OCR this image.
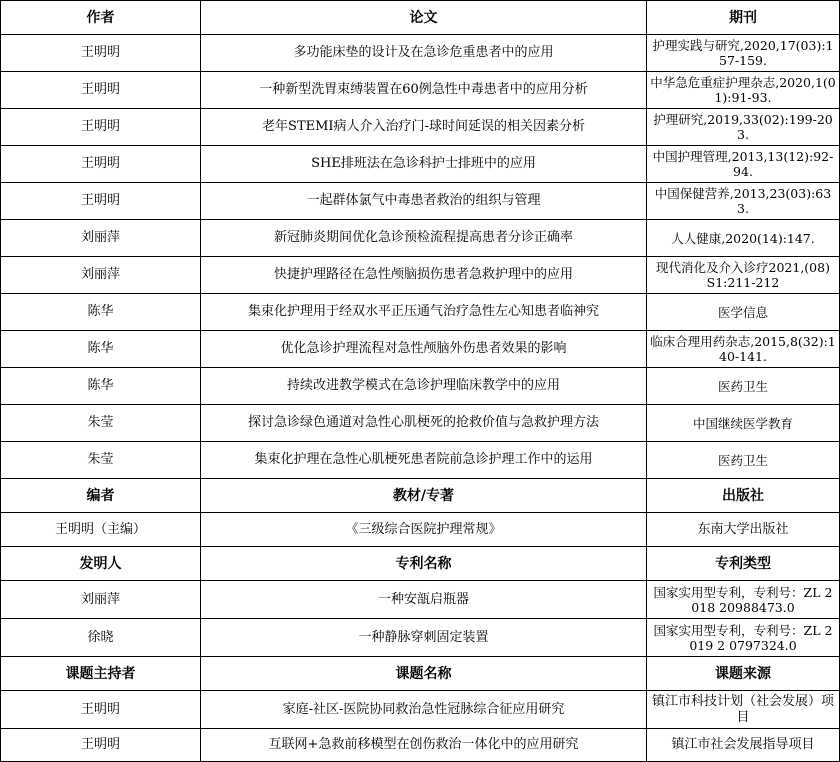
作者	论文	期刊
王明明	多功能床垫的设计及在急诊危重患者中的应用	护理实践与研究,2020,17(03):157-159.
王明明	一种新型洗胃束缚装置在60例急性中毒患者中的应用分析	中华急危重症护理杂志,2020,1(01):91-93.
王明明	老年STEMI病人介入治疗门-球时间延误的相关因素分析	护理研究,2019,33(02):199-203.
王明明	SHE排班法在急诊科护士排班中的应用	中国护理管理,2013,13(12):92-94.
王明明	一起群体氯气中毒患者救治的组织与管理	中国保健营养,2013,23(03):633.
刘丽萍	新冠肺炎期间优化急诊预检流程提高患者分诊正确率	人人健康,2020(14):147.
刘丽萍	快捷护理路径在急性颅脑损伤患者急救护理中的应用	现代消化及介入诊疗2021,(08) S1:211-212
陈华	集束化护理用于经双水平正压通气治疗急性左心知患者临神究	医学信息
陈华	优化急诊护理流程对急性颅脑外伤患者效果的影响	临床合理用药杂志,2015,8(32):140-141.
陈华	持续改进教学模式在急诊护理临床教学中的应用	医药卫生
朱莹	探讨急诊绿色通道对急性心肌梗死的抢救价值与急救护理方法	中国继续医学教育
朱莹	集束化护理在急性心肌梗死患者院前急诊护理工作中的运用	医药卫生
编者	教材/专著	出版社
王明明（主编）	《三级综合医院护理常规》	东南大学出版社
发明人	专利名称	专利类型
刘丽萍	一种安瓿启瓶器	国家实用型专利，专利号：ZL 2018 20988473.0
徐晓	一种静脉穿刺固定装置	国家实用型专利，专利号：ZL 2019 2 0797324.0
课题主持者	课题名称	课题来源
王明明	家庭-社区-医院协同救治急性冠脉综合征应用研究	镇江市科技计划（社会发展）项目
王明明	互联网+急救前移模型在创伤救治一体化中的应用研究	镇江市社会发展指导项目
